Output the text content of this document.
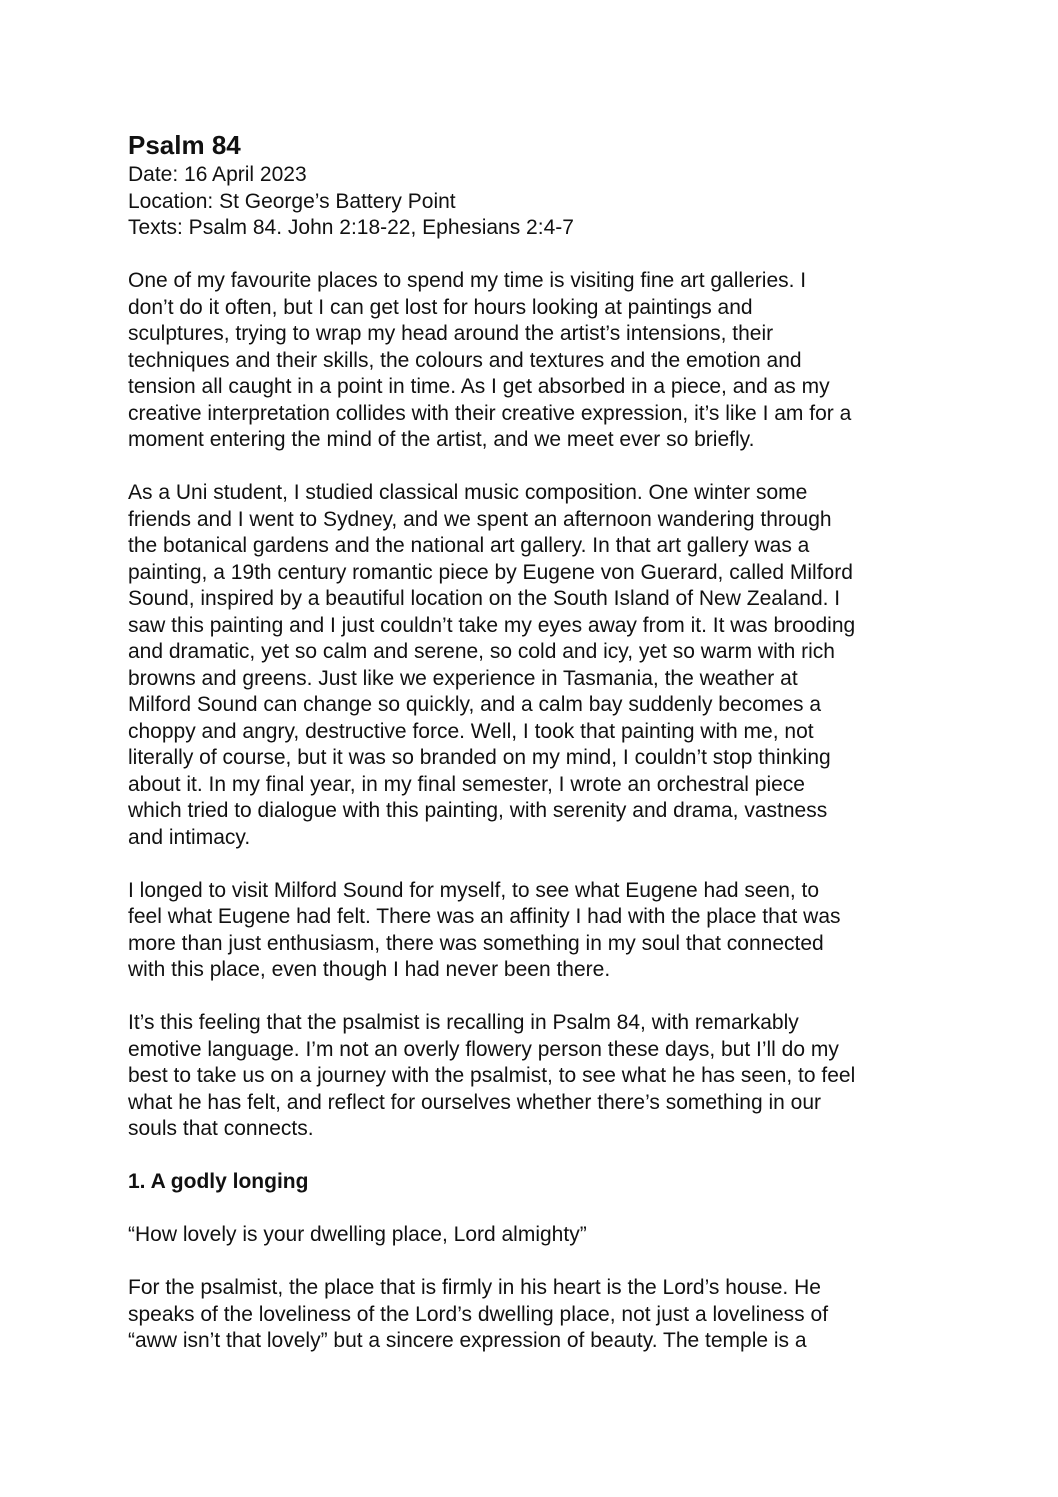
Psalm 84

Date: 16 April 2023

Location: St George’s Battery Point

Texts: Psalm 84. John 2:18-22, Ephesians 2:4-7

One of my favourite places to spend my time is visiting fine art galleries. I
don’t do it often, but I can get lost for hours looking at paintings and
sculptures, trying to wrap my head around the artist’s intensions, their
techniques and their skills, the colours and textures and the emotion and
tension all caught in a point in time. As I get absorbed in a piece, and as my
creative interpretation collides with their creative expression, it’s like I am for a
moment entering the mind of the artist, and we meet ever so briefly.
As a Uni student, I studied classical music composition. One winter some
friends and I went to Sydney, and we spent an afternoon wandering through
the botanical gardens and the national art gallery. In that art gallery was a
painting, a 19th century romantic piece by Eugene von Guerard, called Milford
Sound, inspired by a beautiful location on the South Island of New Zealand. I
saw this painting and I just couldn’t take my eyes away from it. It was brooding
and dramatic, yet so calm and serene, so cold and icy, yet so warm with rich
browns and greens. Just like we experience in Tasmania, the weather at
Milford Sound can change so quickly, and a calm bay suddenly becomes a
choppy and angry, destructive force. Well, I took that painting with me, not
literally of course, but it was so branded on my mind, I couldn’t stop thinking
about it. In my final year, in my final semester, I wrote an orchestral piece
which tried to dialogue with this painting, with serenity and drama, vastness
and intimacy.
I longed to visit Milford Sound for myself, to see what Eugene had seen, to
feel what Eugene had felt. There was an affinity I had with the place that was
more than just enthusiasm, there was something in my soul that connected
with this place, even though I had never been there.
It’s this feeling that the psalmist is recalling in Psalm 84, with remarkably
emotive language. I’m not an overly flowery person these days, but I’ll do my
best to take us on a journey with the psalmist, to see what he has seen, to feel
what he has felt, and reflect for ourselves whether there’s something in our
souls that connects.
1. A godly longing

“How lovely is your dwelling place, Lord almighty”

For the psalmist, the place that is firmly in his heart is the Lord’s house. He
speaks of the loveliness of the Lord’s dwelling place, not just a loveliness of
“aww isn’t that lovely” but a sincere expression of beauty. The temple is a
